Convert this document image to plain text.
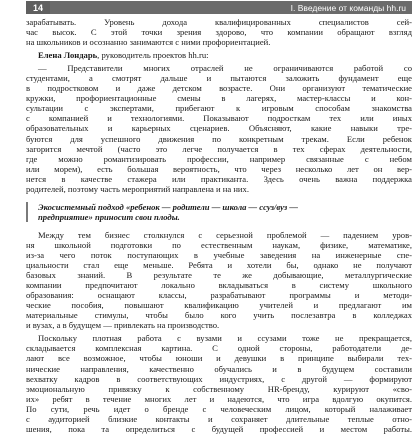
14	I. Введение от команды hh.ru
зарабатывать. Уровень дохода квалифицированных специалистов сей-
час высок. С этой точки зрения здорово, что компании обращают взгляд
на школьников и осознанно занимаются с ними профориентацией.
Елена Лондарь, руководитель проектов hh.ru:
— Представители многих отраслей не ограничиваются работой со
студентами, а смотрят дальше и пытаются заложить фундамент еще
в подростковом и даже детском возрасте. Они организуют тематические
кружки, профориентационные смены в лагерях, мастер-классы и кон-
сультации с экспертами, прибегают к игровым способам знакомства
с компанией и технологиями. Показывают подросткам тех или иных
образовательных и карьерных сценариев. Объясняют, какие навыки тре-
буются для успешного движения по конкретным трекам. Если ребенок
загорится мечтой (часто это легче получается в тех сферах деятельности,
где можно романтизировать профессии, например связанные с небом
или морем), есть большая вероятность, что через несколько лет он вер-
нется в качестве стажера или практиканта. Здесь очень важна поддержка
родителей, поэтому часть мероприятий направлена и на них.
Экосистемный подход «ребенок — родители — школа — ссуз/вуз —
предприятие» приносит свои плоды.
Между тем бизнес столкнулся с серьезной проблемой — падением уров-
ня школьной подготовки по естественным наукам, физике, математике,
из-за чего поток поступающих в учебные заведения на инженерные спе-
циальности стал еще меньше. Ребята и хотели бы, однако не получают
базовых знаний. В результате те же добывающие, металлургические
компании предпочитают локально вкладываться в систему школьного
образования: оснащают классы, разрабатывают программы и методи-
ческие пособия, повышают квалификацию учителей и предлагают им
материальные стимулы, чтобы было кого учить послезавтра в колледжах
и вузах, а в будущем — привлекать на производство.
Поскольку плотная работа с вузами и ссузами тоже не прекращается,
складывается комплексная картина. С одной стороны, работодатели де-
лают все возможное, чтобы юноши и девушки в принципе выбирали тех-
нические направления, качественно обучались и в будущем составили
вехватку кадров в соответствующих индустриях, с другой — формируют
эмоциональную привязку к собственному HR-бренду, курируют «сво-
их» ребят в течение многих лет и надеются, что игра вдолгую окупится.
По сути, речь идет о бренде с человеческим лицом, который налаживает
с аудиторией близкие контакты и сохраняет длительные теплые отно-
шения, пока та определиться с будущей профессией и местом работы.
